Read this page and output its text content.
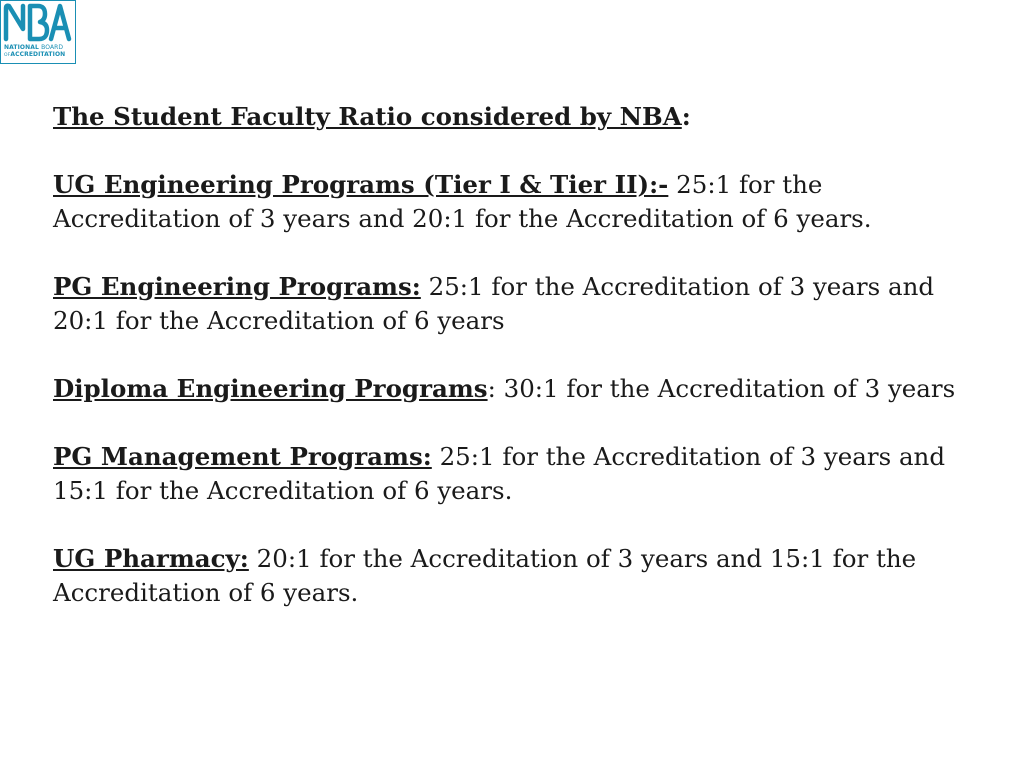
NATIONAL BOARD
OFACCREDITATION

The Student Faculty Ratio considered by NBA:

UG Engineering Programs (Tier I & Tier II):- 25:1 for the Accreditation of 3 years and 20:1 for the Accreditation of 6 years.

PG Engineering Programs: 25:1 for the Accreditation of 3 years and 20:1 for the Accreditation of 6 years

Diploma Engineering Programs: 30:1 for the Accreditation of 3 years

PG Management Programs: 25:1 for the Accreditation of 3 years and 15:1 for the Accreditation of 6 years.

UG Pharmacy: 20:1 for the Accreditation of 3 years and 15:1 for the Accreditation of 6 years.
